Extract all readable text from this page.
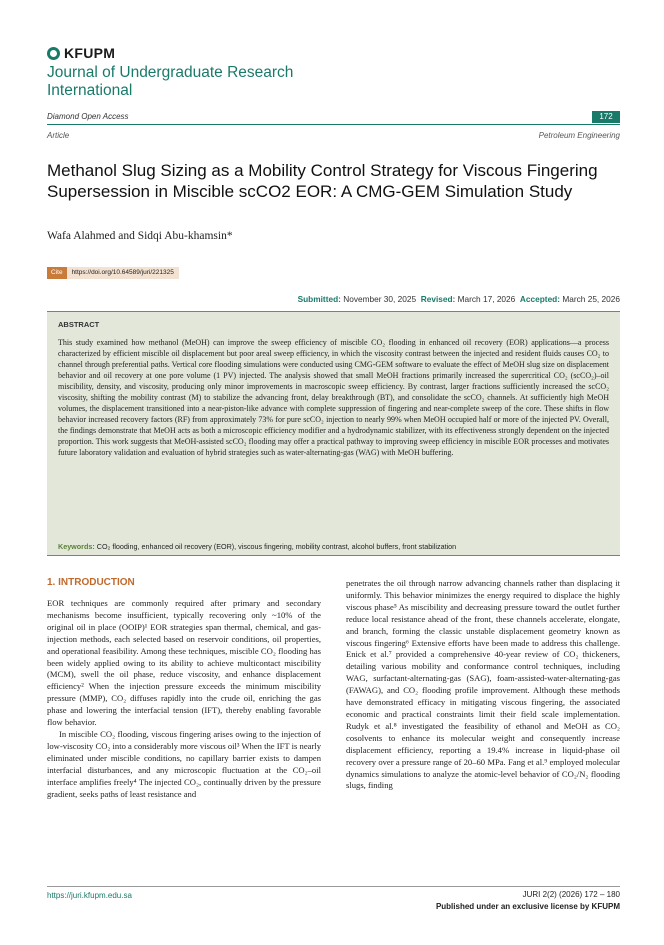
KFUPM
Journal of Undergraduate Research International
Diamond Open Access	172
Article	Petroleum Engineering
Methanol Slug Sizing as a Mobility Control Strategy for Viscous Fingering Supersession in Miscible scCO2 EOR: A CMG-GEM Simulation Study
Wafa Alahmed and Sidqi Abu-khamsin*
Cite	https://doi.org/10.64589/juri/221325
Submitted: November 30, 2025 Revised: March 17, 2026 Accepted: March 25, 2026
ABSTRACT
This study examined how methanol (MeOH) can improve the sweep efficiency of miscible CO₂ flooding in enhanced oil recovery (EOR) applications—a process characterized by efficient miscible oil displacement but poor areal sweep efficiency, in which the viscosity contrast between the injected and resident fluids causes CO₂ to channel through preferential paths. Vertical core flooding simulations were conducted using CMG-GEM software to evaluate the effect of MeOH slug size on displacement behavior and oil recovery at one pore volume (1 PV) injected. The analysis showed that small MeOH fractions primarily increased the supercritical CO₂ (scCO₂)–oil miscibility, density, and viscosity, producing only minor improvements in macroscopic sweep efficiency. By contrast, larger fractions sufficiently increased the scCO₂ viscosity, shifting the mobility contrast (M) to stabilize the advancing front, delay breakthrough (BT), and consolidate the scCO₂ channels. At sufficiently high MeOH volumes, the displacement transitioned into a near-piston-like advance with complete suppression of fingering and near-complete sweep of the core. These shifts in flow behavior increased recovery factors (RF) from approximately 73% for pure scCO₂ injection to nearly 99% when MeOH occupied half or more of the injected PV. Overall, the findings demonstrate that MeOH acts as both a microscopic efficiency modifier and a hydrodynamic stabilizer, with its effectiveness strongly dependent on the injected proportion. This work suggests that MeOH-assisted scCO₂ flooding may offer a practical pathway to improving sweep efficiency in miscible EOR processes and motivates future laboratory validation and evaluation of hybrid strategies such as water-alternating-gas (WAG) with MeOH buffering.
Keywords: CO₂ flooding, enhanced oil recovery (EOR), viscous fingering, mobility contrast, alcohol buffers, front stabilization
1. INTRODUCTION

EOR techniques are commonly required after primary and secondary mechanisms become insufficient, typically recovering only ~10% of the original oil in place (OOIP)¹ EOR strategies span thermal, chemical, and gas-injection methods, each selected based on reservoir conditions, oil properties, and operational feasibility. Among these techniques, miscible CO₂ flooding has been widely applied owing to its ability to achieve multicontact miscibility (MCM), swell the oil phase, reduce viscosity, and enhance displacement efficiency² When the injection pressure exceeds the minimum miscibility pressure (MMP), CO₂ diffuses rapidly into the crude oil, enriching the gas phase and lowering the interfacial tension (IFT), thereby enabling favorable flow behavior.

In miscible CO₂ flooding, viscous fingering arises owing to the injection of low-viscosity CO₂ into a considerably more viscous oil³ When the IFT is nearly eliminated under miscible conditions, no capillary barrier exists to dampen interfacial disturbances, and any microscopic fluctuation at the CO₂–oil interface amplifies freely⁴ The injected CO₂, continually driven by the pressure gradient, seeks paths of least resistance and

penetrates the oil through narrow advancing channels rather than displacing it uniformly. This behavior minimizes the energy required to displace the highly viscous phase⁵ As miscibility and decreasing pressure toward the outlet further reduce local resistance ahead of the front, these channels accelerate, elongate, and branch, forming the classic unstable displacement geometry known as viscous fingering⁶ Extensive efforts have been made to address this challenge. Enick et al.⁷ provided a comprehensive 40-year review of CO₂ thickeners, detailing various mobility and conformance control techniques, including WAG, surfactant-alternating-gas (SAG), foam-assisted-water-alternating-gas (FAWAG), and CO₂ flooding profile improvement. Although these methods have demonstrated efficacy in mitigating viscous fingering, the associated economic and practical constraints limit their field scale implementation. Rudyk et al.⁸ investigated the feasibility of ethanol and MeOH as CO₂ cosolvents to enhance its molecular weight and consequently increase displacement efficiency, reporting a 19.4% increase in liquid-phase oil recovery over a pressure range of 20–60 MPa. Fang et al.⁹ employed molecular dynamics simulations to analyze the atomic-level behavior of CO₂/N₂ flooding slugs, finding

https://juri.kfupm.edu.sa	JURI 2(2) (2026) 172 – 180
Published under an exclusive license by KFUPM
